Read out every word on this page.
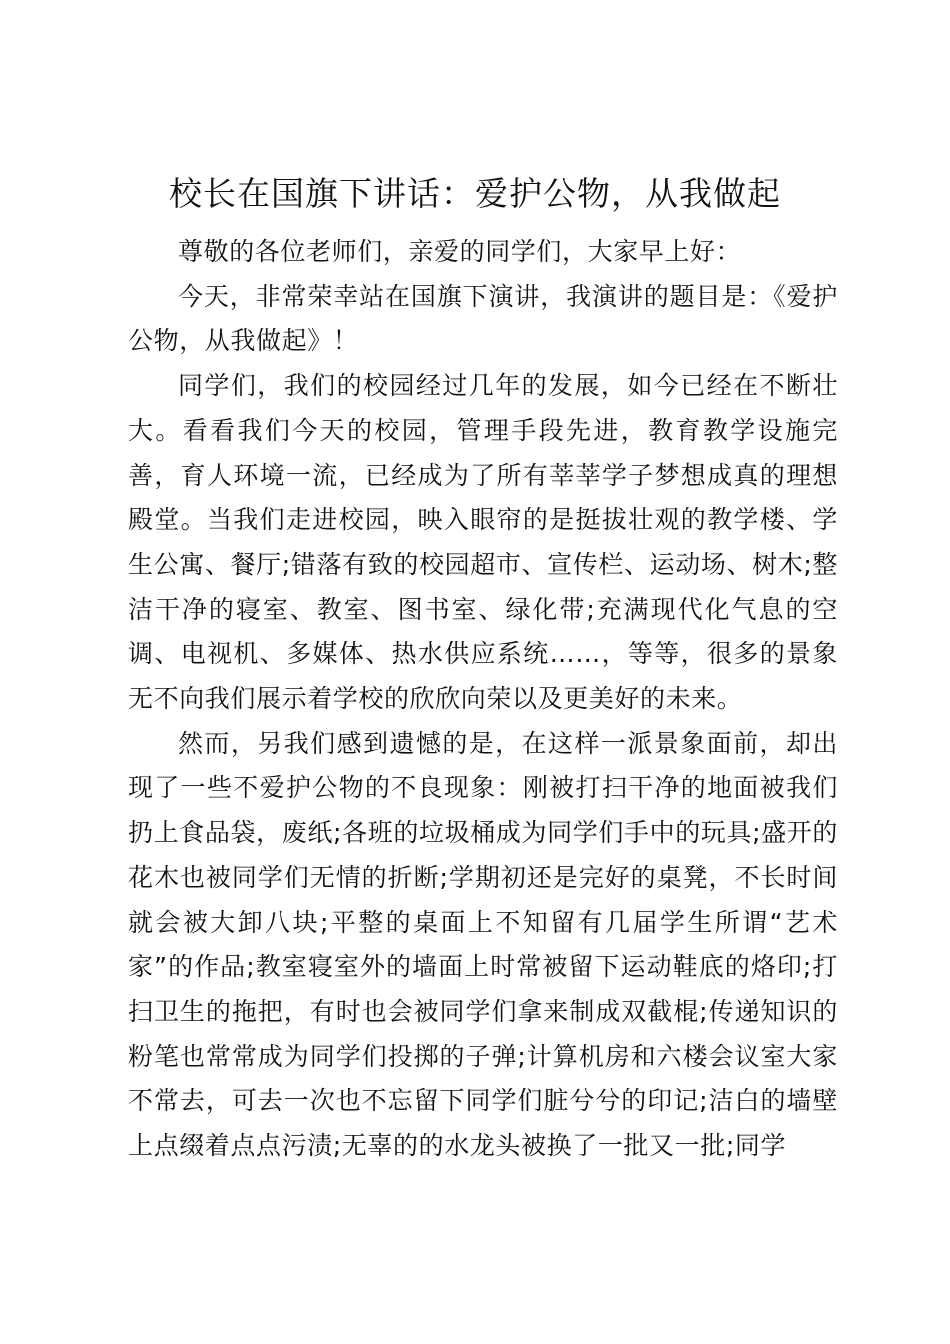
校长在国旗下讲话：爱护公物，从我做起

尊敬的各位老师们，亲爱的同学们，大家早上好：

今天，非常荣幸站在国旗下演讲，我演讲的题目是：《爱护公物，从我做起》！

同学们，我们的校园经过几年的发展，如今已经在不断壮大。看看我们今天的校园，管理手段先进，教育教学设施完善，育人环境一流，已经成为了所有莘莘学子梦想成真的理想殿堂。当我们走进校园，映入眼帘的是挺拔壮观的教学楼、学生公寓、餐厅;错落有致的校园超市、宣传栏、运动场、树木;整洁干净的寝室、教室、图书室、绿化带;充满现代化气息的空调、电视机、多媒体、热水供应系统……，等等，很多的景象无不向我们展示着学校的欣欣向荣以及更美好的未来。

然而，另我们感到遗憾的是，在这样一派景象面前，却出现了一些不爱护公物的不良现象：刚被打扫干净的地面被我们扔上食品袋，废纸;各班的垃圾桶成为同学们手中的玩具;盛开的花木也被同学们无情的折断;学期初还是完好的桌凳，不长时间就会被大卸八块;平整的桌面上不知留有几届学生所谓“艺术家”的作品;教室寝室外的墙面上时常被留下运动鞋底的烙印;打扫卫生的拖把，有时也会被同学们拿来制成双截棍;传递知识的粉笔也常常成为同学们投掷的子弹;计算机房和六楼会议室大家不常去，可去一次也不忘留下同学们脏兮兮的印记;洁白的墙壁上点缀着点点污渍;无辜的的水龙头被换了一批又一批;同学
